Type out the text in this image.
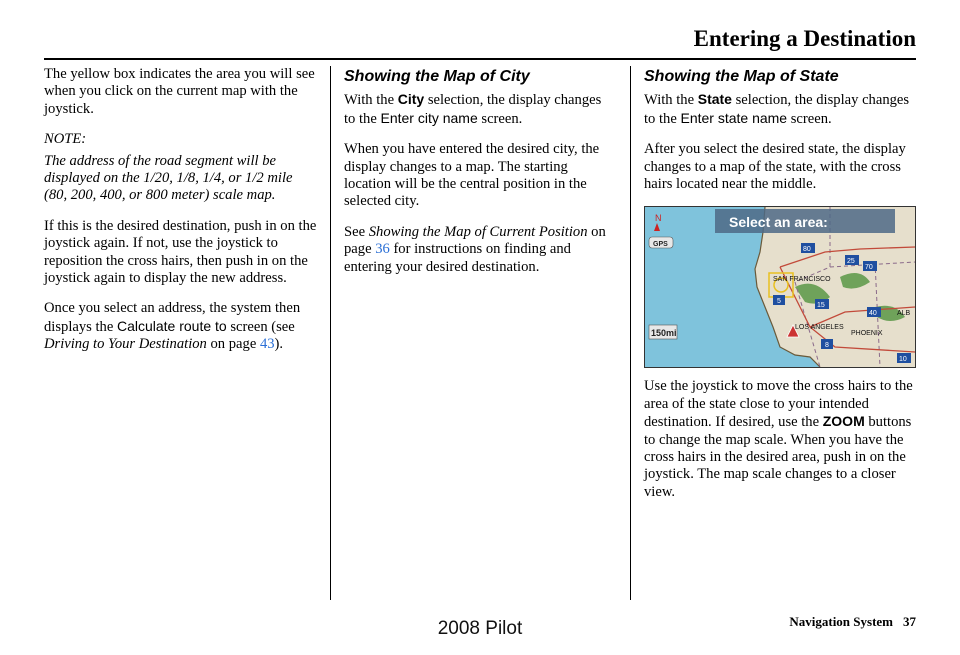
Entering a Destination

The yellow box indicates the area you will see when you click on the current map with the joystick.

NOTE:

The address of the road segment will be displayed on the 1/20, 1/8, 1/4, or 1/2 mile (80, 200, 400, or 800 meter) scale map.

If this is the desired destination, push in on the joystick again. If not, use the joystick to reposition the cross hairs, then push in on the joystick again to display the new address.

Once you select an address, the system then displays the Calculate route to screen (see Driving to Your Destination on page 43).

Showing the Map of City

With the City selection, the display changes to the Enter city name screen.

When you have entered the desired city, the display changes to a map. The starting location will be the central position in the selected city.

See Showing the Map of Current Position on page 36 for instructions on finding and entering your desired destination.

Showing the Map of State

With the State selection, the display changes to the Enter state name screen.

After you select the desired state, the display changes to a map of the state, with the cross hairs located near the middle.

Select an area:
N
GPS
150mi
SAN FRANCISCO
LOS ANGELES
PHOENIX
ALB
80
5
15
8
40
70
25
10

Use the joystick to move the cross hairs to the area of the state close to your intended destination. If desired, use the ZOOM buttons to change the map scale. When you have the cross hairs in the desired area, push in on the joystick. The map scale changes to a closer view.

Navigation System 37
2008 Pilot
